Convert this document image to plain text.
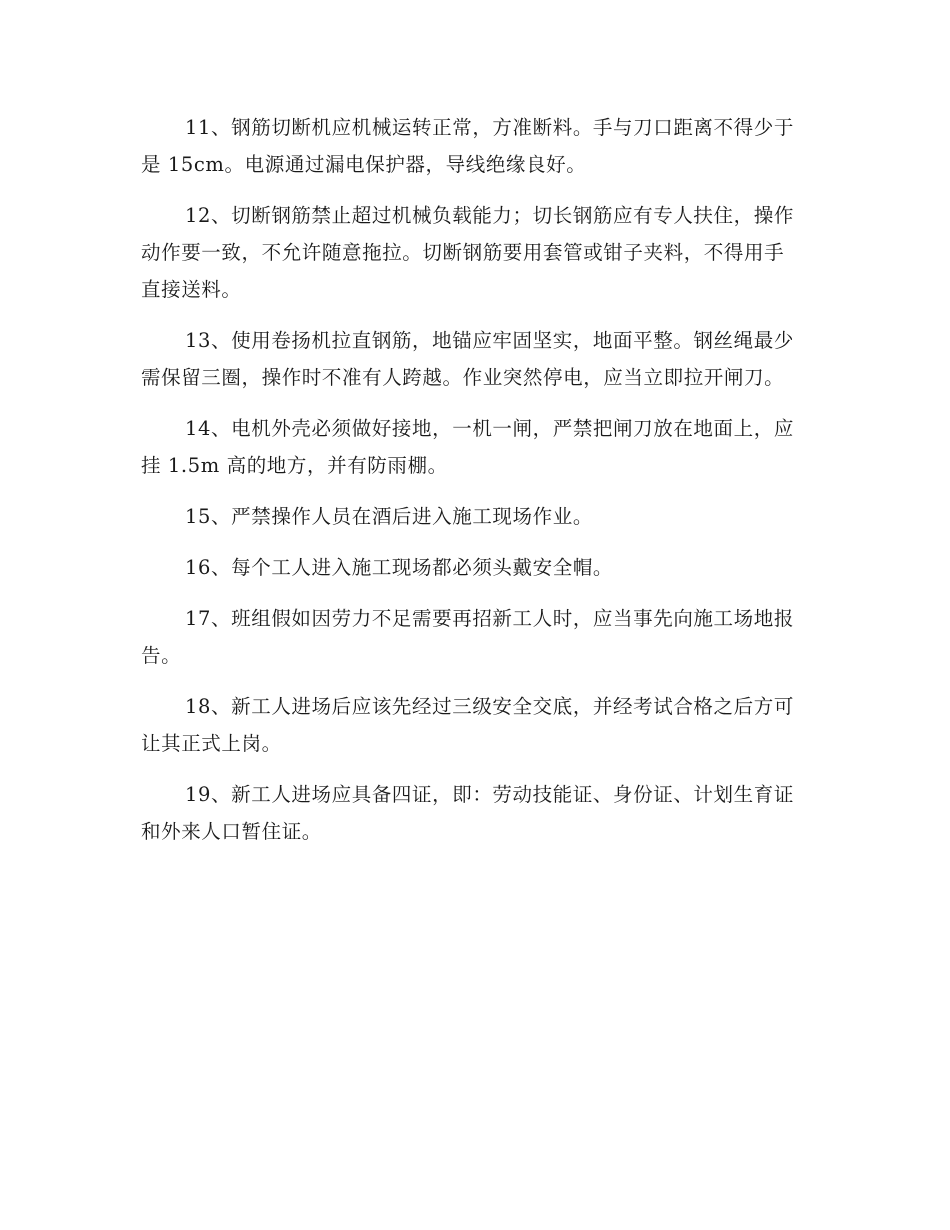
11、钢筋切断机应机械运转正常，方准断料。手与刀口距离不得少于是 15cm。电源通过漏电保护器，导线绝缘良好。

12、切断钢筋禁止超过机械负载能力；切长钢筋应有专人扶住，操作动作要一致，不允许随意拖拉。切断钢筋要用套管或钳子夹料，不得用手直接送料。

13、使用卷扬机拉直钢筋，地锚应牢固坚实，地面平整。钢丝绳最少需保留三圈，操作时不准有人跨越。作业突然停电，应当立即拉开闸刀。

14、电机外壳必须做好接地，一机一闸，严禁把闸刀放在地面上，应挂 1.5m 高的地方，并有防雨棚。

15、严禁操作人员在酒后进入施工现场作业。

16、每个工人进入施工现场都必须头戴安全帽。

17、班组假如因劳力不足需要再招新工人时，应当事先向施工场地报告。

18、新工人进场后应该先经过三级安全交底，并经考试合格之后方可让其正式上岗。

19、新工人进场应具备四证，即：劳动技能证、身份证、计划生育证和外来人口暂住证。
